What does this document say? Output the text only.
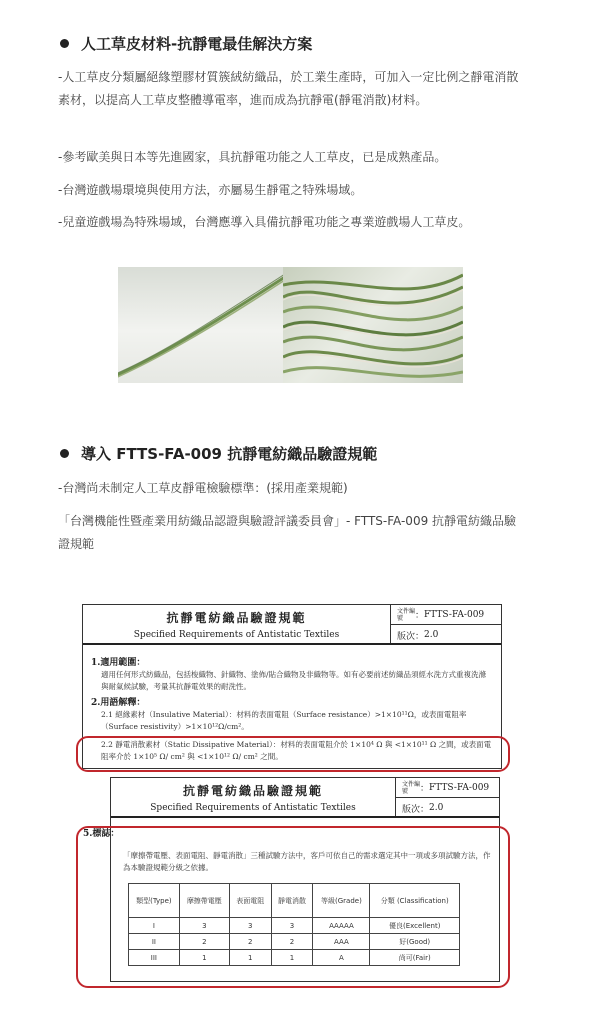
人工草皮材料-抗靜電最佳解決方案

-人工草皮分類屬絕緣塑膠材質簇絨紡織品，於工業生產時，可加入一定比例之靜電消散素材，以提高人工草皮整體導電率，進而成為抗靜電(靜電消散)材料。

-參考歐美與日本等先進國家，具抗靜電功能之人工草皮，已是成熟產品。

-台灣遊戲場環境與使用方法，亦屬易生靜電之特殊場域。

-兒童遊戲場為特殊場域，台灣應導入具備抗靜電功能之專業遊戲場人工草皮。

導入 FTTS-FA-009 抗靜電紡織品驗證規範

-台灣尚未制定人工草皮靜電檢驗標準：(採用產業規範)

「台灣機能性暨產業用紡織品認證與驗證評議委員會」- FTTS-FA-009 抗靜電紡織品驗證規範

抗靜電紡織品驗證規範
Specified Requirements of Antistatic Textiles
文件編號	： FTTS-FA-009
版次 ： 2.0
1.適用範圍：
適用任何形式紡織品，包括梭織物、針織物、塗佈/貼合織物及非織物等。如有必要前述紡織品須經水洗方式重複洗滌與耐氣候試驗，考量其抗靜電效果的耐洗性。
2.用語解釋：
2.1 絕緣素材（Insulative Material）：材料的表面電阻（Surface resistance）>1×10¹¹Ω，或表面電阻率（Surface resistivity）>1×10¹²Ω/cm²。
2.2 靜電消散素材（Static Dissipative Material）：材料的表面電阻介於 1×10⁴ Ω 與 <1×10¹¹ Ω 之間，或表面電阻率介於 1×10⁵ Ω/ cm² 與 <1×10¹² Ω/ cm² 之間。
抗靜電紡織品驗證規範
Specified Requirements of Antistatic Textiles
文件編號	： FTTS-FA-009
版次 ： 2.0
5.標誌：
「摩擦帶電壓、表面電阻、靜電消散」三種試驗方法中，客戶可依自己的需求選定其中一項或多項試驗方法，作為本驗證規範分級之依據。
類型(Type)	摩擦帶電壓	表面電阻	靜電消散	等級(Grade)	分類 (Classification)
I	3	3	3	AAAAA	優良(Excellent)
II	2	2	2	AAA	好(Good)
III	1	1	1	A	尚可(Fair)
